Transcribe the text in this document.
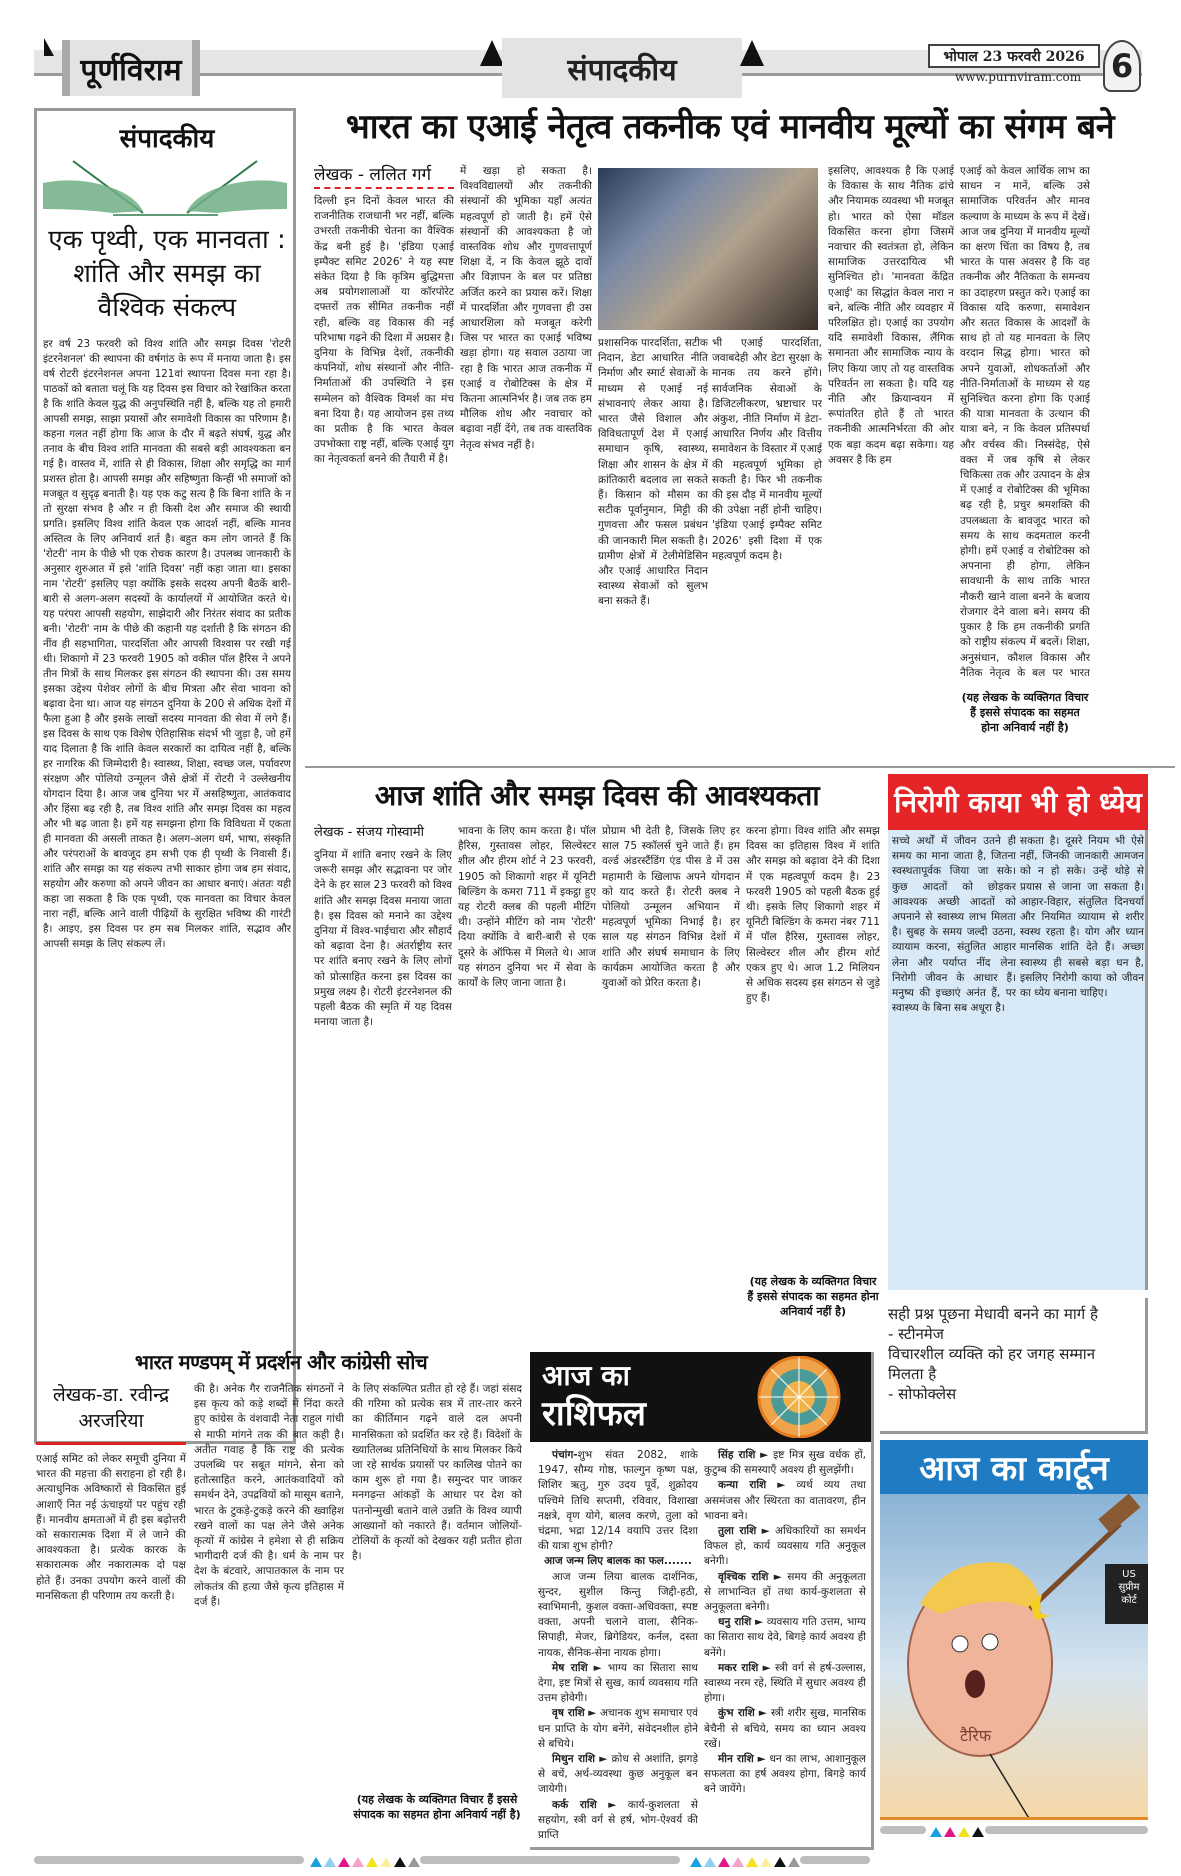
पूर्णविराम	संपादकीय	भोपाल 23 फरवरी 2026
www.purnviram.com 6
संपादकीय
एक पृथ्वी, एक मानवता : शांति और समझ का वैश्विक संकल्प
हर वर्ष 23 फरवरी को विश्व शांति और समझ दिवस 'रोटरी इंटरनेशनल' की स्थापना की वर्षगांठ के रूप में मनाया जाता है। इस वर्ष रोटरी इंटरनेशनल अपना 121वां स्थापना दिवस मना रहा है। पाठकों को बताता चलूं कि यह दिवस इस विचार को रेखांकित करता है कि शांति केवल युद्ध की अनुपस्थिति नहीं है, बल्कि यह तो हमारी आपसी समझ, साझा प्रयासों और समावेशी विकास का परिणाम है। कहना गलत नहीं होगा कि आज के दौर में बढ़ते संघर्ष, युद्ध और तनाव के बीच विश्व शांति मानवता की सबसे बड़ी आवश्यकता बन गई है। वास्तव में, शांति से ही विकास, शिक्षा और समृद्धि का मार्ग प्रशस्त होता है। आपसी समझ और सहिष्णुता किन्हीं भी समाजों को मजबूत व सुदृढ़ बनाती है। यह एक कटु सत्य है कि बिना शांति के न तो सुरक्षा संभव है और न ही किसी देश और समाज की स्थायी प्रगति। इसलिए विश्व शांति केवल एक आदर्श नहीं, बल्कि मानव अस्तित्व के लिए अनिवार्य शर्त है। बहुत कम लोग जानते हैं कि 'रोटरी' नाम के पीछे भी एक रोचक कारण है। उपलब्ध जानकारी के अनुसार शुरुआत में इसे 'शांति दिवस' नहीं कहा जाता था। इसका नाम 'रोटरी' इसलिए पड़ा क्योंकि इसके सदस्य अपनी बैठकें बारी-बारी से अलग-अलग सदस्यों के कार्यालयों में आयोजित करते थे। यह परंपरा आपसी सहयोग, साझेदारी और निरंतर संवाद का प्रतीक बनी। 'रोटरी' नाम के पीछे की कहानी यह दर्शाती है कि संगठन की नींव ही सहभागिता, पारदर्शिता और आपसी विश्वास पर रखी गई थी। शिकागो में 23 फरवरी 1905 को वकील पॉल हैरिस ने अपने तीन मित्रों के साथ मिलकर इस संगठन की स्थापना की। उस समय इसका उद्देश्य पेशेवर लोगों के बीच मित्रता और सेवा भावना को बढ़ावा देना था। आज यह संगठन दुनिया के 200 से अधिक देशों में फैला हुआ है और इसके लाखों सदस्य मानवता की सेवा में लगे हैं। इस दिवस के साथ एक विशेष ऐतिहासिक संदर्भ भी जुड़ा है, जो हमें याद दिलाता है कि शांति केवल सरकारों का दायित्व नहीं है, बल्कि हर नागरिक की जिम्मेदारी है। स्वास्थ्य, शिक्षा, स्वच्छ जल, पर्यावरण संरक्षण और पोलियो उन्मूलन जैसे क्षेत्रों में रोटरी ने उल्लेखनीय योगदान दिया है। आज जब दुनिया भर में असहिष्णुता, आतंकवाद और हिंसा बढ़ रही है, तब विश्व शांति और समझ दिवस का महत्व और भी बढ़ जाता है। हमें यह समझना होगा कि विविधता में एकता ही मानवता की असली ताकत है। अलग-अलग धर्म, भाषा, संस्कृति और परंपराओं के बावजूद हम सभी एक ही पृथ्वी के निवासी हैं। शांति और समझ का यह संकल्प तभी साकार होगा जब हम संवाद, सहयोग और करुणा को अपने जीवन का आधार बनाएं। अंततः यही कहा जा सकता है कि एक पृथ्वी, एक मानवता का विचार केवल नारा नहीं, बल्कि आने वाली पीढ़ियों के सुरक्षित भविष्य की गारंटी है। आइए, इस दिवस पर हम सब मिलकर शांति, सद्भाव और आपसी समझ के लिए संकल्प लें।
भारत का एआई नेतृत्व तकनीक एवं मानवीय मूल्यों का संगम बने
लेखक - ललित गर्ग
दिल्ली इन दिनों केवल भारत की राजनीतिक राजधानी भर नहीं, बल्कि उभरती तकनीकी चेतना का वैश्विक केंद्र बनी हुई है। 'इंडिया एआई इम्पैक्ट समिट 2026' ने यह स्पष्ट संकेत दिया है कि कृत्रिम बुद्धिमत्ता अब प्रयोगशालाओं या कॉरपोरेट दफ्तरों तक सीमित तकनीक नहीं रही, बल्कि वह विकास की नई परिभाषा गढ़ने की दिशा में अग्रसर है। दुनिया के विभिन्न देशों, तकनीकी कंपनियों, शोध संस्थानों और नीति-निर्माताओं की उपस्थिति ने इस सम्मेलन को वैश्विक विमर्श का मंच बना दिया है। यह आयोजन इस तथ्य का प्रतीक है कि भारत केवल उपभोक्ता राष्ट्र नहीं, बल्कि एआई युग का नेतृत्वकर्ता बनने की तैयारी में है।
में खड़ा हो सकता है। विश्वविद्यालयों और तकनीकी संस्थानों की भूमिका यहाँ अत्यंत महत्वपूर्ण हो जाती है। हमें ऐसे संस्थानों की आवश्यकता है जो वास्तविक शोध और गुणवत्तापूर्ण शिक्षा दें, न कि केवल झूठे दावों और विज्ञापन के बल पर प्रतिष्ठा अर्जित करने का प्रयास करें। शिक्षा में पारदर्शिता और गुणवत्ता ही उस आधारशिला को मजबूत करेगी जिस पर भारत का एआई भविष्य खड़ा होगा। यह सवाल उठाया जा रहा है कि भारत आज तकनीक में एआई व रोबोटिक्स के क्षेत्र में कितना आत्मनिर्भर है। जब तक हम मौलिक शोध और नवाचार को बढ़ावा नहीं देंगे, तब तक वास्तविक नेतृत्व संभव नहीं है।
प्रशासनिक पारदर्शिता, सटीक निदान, डेटा आधारित नीति निर्माण और स्मार्ट सेवाओं के माध्यम से एआई नई संभावनाएं लेकर आया है। भारत जैसे विशाल और विविधतापूर्ण देश में एआई समाधान कृषि, स्वास्थ्य, शिक्षा और शासन के क्षेत्र में क्रांतिकारी बदलाव ला सकते हैं। किसान को मौसम का सटीक पूर्वानुमान, मिट्टी की गुणवत्ता और फसल प्रबंधन की जानकारी मिल सकती है। ग्रामीण क्षेत्रों में टेलीमेडिसिन और एआई आधारित निदान स्वास्थ्य सेवाओं को सुलभ बना सकते हैं।
भी एआई पारदर्शिता, जवाबदेही और डेटा सुरक्षा के मानक तय करने होंगे। सार्वजनिक सेवाओं के डिजिटलीकरण, भ्रष्टाचार पर अंकुश, नीति निर्माण में डेटा-आधारित निर्णय और वित्तीय समावेशन के विस्तार में एआई की महत्वपूर्ण भूमिका हो सकती है। फिर भी तकनीक की इस दौड़ में मानवीय मूल्यों की उपेक्षा नहीं होनी चाहिए। 'इंडिया एआई इम्पैक्ट समिट 2026' इसी दिशा में एक महत्वपूर्ण कदम है।
इसलिए, आवश्यक है कि एआई के विकास के साथ नैतिक ढांचे और नियामक व्यवस्था भी मजबूत हो। भारत को ऐसा मॉडल विकसित करना होगा जिसमें नवाचार की स्वतंत्रता हो, लेकिन सामाजिक उत्तरदायित्व भी सुनिश्चित हो। 'मानवता केंद्रित एआई' का सिद्धांत केवल नारा न बने, बल्कि नीति और व्यवहार में परिलक्षित हो। एआई का उपयोग यदि समावेशी विकास, लैंगिक समानता और सामाजिक न्याय के लिए किया जाए तो यह वास्तविक परिवर्तन ला सकता है। यदि यह नीति और क्रियान्वयन में रूपांतरित होते हैं तो भारत तकनीकी आत्मनिर्भरता की ओर एक बड़ा कदम बढ़ा सकेगा। यह अवसर है कि हम
एआई को केवल आर्थिक लाभ का साधन न मानें, बल्कि उसे सामाजिक परिवर्तन और मानव कल्याण के माध्यम के रूप में देखें। आज जब दुनिया में मानवीय मूल्यों का क्षरण चिंता का विषय है, तब भारत के पास अवसर है कि वह तकनीक और नैतिकता के समन्वय का उदाहरण प्रस्तुत करे। एआई का विकास यदि करुणा, समावेशन और सतत विकास के आदर्शों के साथ हो तो यह मानवता के लिए वरदान सिद्ध होगा। भारत को अपने युवाओं, शोधकर्ताओं और नीति-निर्माताओं के माध्यम से यह सुनिश्चित करना होगा कि एआई की यात्रा मानवता के उत्थान की यात्रा बने, न कि केवल प्रतिस्पर्धा और वर्चस्व की। निस्संदेह, ऐसे वक्त में जब कृषि से लेकर चिकित्सा तक और उत्पादन के क्षेत्र में एआई व रोबोटिक्स की भूमिका बढ़ रही है, प्रचुर श्रमशक्ति की उपलब्धता के बावजूद भारत को समय के साथ कदमताल करनी होगी। हमें एआई व रोबोटिक्स को अपनाना ही होगा, लेकिन सावधानी के साथ ताकि भारत नौकरी खाने वाला बनने के बजाय रोजगार देने वाला बने। समय की पुकार है कि हम तकनीकी प्रगति को राष्ट्रीय संकल्प में बदलें। शिक्षा, अनुसंधान, कौशल विकास और नैतिक नेतृत्व के बल पर भारत
(यह लेखक के व्यक्तिगत विचार हैं इससे संपादक का सहमत होना अनिवार्य नहीं है)
आज शांति और समझ दिवस की आवश्यकता
लेखक - संजय गोस्वामी
दुनिया में शांति बनाए रखने के लिए जरूरी समझ और सद्भावना पर जोर देने के हर साल 23 फरवरी को विश्व शांति और समझ दिवस मनाया जाता है। इस दिवस को मनाने का उद्देश्य दुनिया में विश्व-भाईचारा और सौहार्द को बढ़ावा देना है। अंतर्राष्ट्रीय स्तर पर शांति बनाए रखने के लिए लोगों को प्रोत्साहित करना इस दिवस का प्रमुख लक्ष्य है। रोटरी इंटरनेशनल की पहली बैठक की स्मृति में यह दिवस मनाया जाता है।
भावना के लिए काम करता है। पॉल हैरिस, गुस्तावस लोहर, सिल्वेस्टर शील और हीरम शोर्ट ने 23 फरवरी, 1905 को शिकागो शहर में यूनिटी बिल्डिंग के कमरा 711 में इकट्ठा हुए यह रोटरी क्लब की पहली मीटिंग थी। उन्होंने मीटिंग को नाम 'रोटरी' दिया क्योंकि वे बारी-बारी से एक दूसरे के ऑफिस में मिलते थे। आज यह संगठन दुनिया भर में सेवा के कार्यों के लिए जाना जाता है।
प्रोग्राम भी देती है, जिसके लिए हर साल 75 स्कॉलर्स चुने जाते हैं। हम वर्ल्ड अंडरस्टैंडिंग एंड पीस डे में उस महामारी के खिलाफ अपने योगदान को याद करते हैं। रोटरी क्लब ने पोलियो उन्मूलन अभियान में महत्वपूर्ण भूमिका निभाई है। हर साल यह संगठन विभिन्न देशों में शांति और संघर्ष समाधान के लिए कार्यक्रम आयोजित करता है और युवाओं को प्रेरित करता है।
करना होगा। विश्व शांति और समझ दिवस का इतिहास विश्व में शांति और समझ को बढ़ावा देने की दिशा में एक महत्वपूर्ण कदम है। 23 फरवरी 1905 को पहली बैठक हुई थी। इसके लिए शिकागो शहर में यूनिटी बिल्डिंग के कमरा नंबर 711 में पॉल हैरिस, गुस्तावस लोहर, सिल्वेस्टर शील और हीरम शोर्ट एकत्र हुए थे। आज 1.2 मिलियन से अधिक सदस्य इस संगठन से जुड़े हुए हैं।
(यह लेखक के व्यक्तिगत विचार हैं इससे संपादक का सहमत होना अनिवार्य नहीं है)
निरोगी काया भी हो ध्येय
सच्चे अर्थों में जीवन उतने ही समय का माना जाता है, जितना स्वस्थतापूर्वक जिया जा सके। कुछ आदतों को छोड़कर आवश्यक अच्छी आदतों को अपनाने से स्वास्थ्य लाभ मिलता है। सुबह के समय जल्दी उठना, व्यायाम करना, संतुलित आहार लेना और पर्याप्त नींद लेना निरोगी जीवन के आधार हैं। मनुष्य की इच्छाएं अनंत हैं, पर स्वास्थ्य के बिना सब अधूरा है।
सकता है। दूसरे नियम भी ऐसे नहीं, जिनकी जानकारी आमजन को न हो सके। उन्हें थोड़े से प्रयास से जाना जा सकता है। आहार-विहार, संतुलित दिनचर्या और नियमित व्यायाम से शरीर स्वस्थ रहता है। योग और ध्यान मानसिक शांति देते हैं। अच्छा स्वास्थ्य ही सबसे बड़ा धन है, इसलिए निरोगी काया को जीवन का ध्येय बनाना चाहिए।
सही प्रश्न पूछना मेधावी बनने का मार्ग है
- स्टीनमेज
विचारशील व्यक्ति को हर जगह सम्मान मिलता है
- सोफोक्लेस
आज का कार्टून
US
सुप्रीम
कोर्ट
टैरिफ
भारत मण्डपम् में प्रदर्शन और कांग्रेसी सोच
लेखक-डा. रवीन्द्र अरजरिया
एआई समिट को लेकर समूची दुनिया में भारत की महत्ता की सराहना हो रही है। अत्याधुनिक अविष्कारों से विकसित हुई आशाएँ नित नई ऊंचाइयों पर पहुंच रही हैं। मानवीय क्षमताओं में ही इस बढ़ोत्तरी को सकारात्मक दिशा में ले जाने की आवश्यकता है। प्रत्येक कारक के सकारात्मक और नकारात्मक दो पक्ष होते हैं। उनका उपयोग करने वालों की मानसिकता ही परिणाम तय करती है।
की है। अनेक गैर राजनैतिक संगठनों ने इस कृत्य को कड़े शब्दों में निंदा करते हुए कांग्रेस के वंशवादी नेता राहुल गांधी से माफी मांगने तक की बात कही है। अतीत गवाह है कि राष्ट्र की प्रत्येक उपलब्धि पर सबूत मांगने, सेना को हतोत्साहित करने, आतंकवादियों को समर्थन देने, उपद्रवियों को मासूम बताने, भारत के टुकड़े-टुकड़े करने की ख्वाहिश रखने वालों का पक्ष लेने जैसे अनेक कृत्यों में कांग्रेस ने हमेशा से ही सक्रिय भागीदारी दर्ज की है। धर्म के नाम पर देश के बंटवारे, आपातकाल के नाम पर लोकतंत्र की हत्या जैसे कृत्य इतिहास में दर्ज हैं।
के लिए संकल्पित प्रतीत हो रहे हैं। जहां संसद की गरिमा को प्रत्येक सत्र में तार-तार करने का कीर्तिमान गढ़ने वाले दल अपनी मानसिकता को प्रदर्शित कर रहे हैं। विदेशों के ख्यातिलब्ध प्रतिनिधियों के साथ मिलकर किये जा रहे सार्थक प्रयासों पर कालिख पोतने का काम शुरू हो गया है। समुन्दर पार जाकर मनगढ़न्त आंकड़ों के आधार पर देश को पतनोन्मुखी बताने वाले उन्नति के विश्व व्यापी आख्यानों को नकारते हैं। वर्तमान जोलियों-टोलियों के कृत्यों को देखकर यही प्रतीत होता है।
(यह लेखक के व्यक्तिगत विचार हैं इससे संपादक का सहमत होना अनिवार्य नहीं है)
आज का
राशिफल

पंचांग-शुभ संवत 2082, शाके 1947, सौम्य गोष्ठ, फाल्गुन कृष्ण पक्ष, शिशिर ऋतु, गुरु उदय पूर्वे, शुक्रोदय पश्चिमे तिथि सप्तमी, रविवार, विशाखा नक्षत्रे, वृण योगे, बालव करणे, तुला को चंद्रमा, भद्रा 12/14 वयापि उत्तर दिशा की यात्रा शुभ होगी?

आज जन्म लिए बालक का फल.......

आज जन्म लिया बालक दार्शनिक, सुन्दर, सुशील किन्तु जिद्दी-हठी, स्वाभिमानी, कुशल वक्ता-अधिवक्ता, स्पष्ट वक्ता, अपनी चलाने वाला, सैनिक-सिपाही, मेजर, ब्रिगेडियर, कर्नल, दस्ता नायक, सैनिक-सेना नायक होगा।

मेष राशि ► भाग्य का सितारा साथ देगा, इष्ट मित्रों से सुख, कार्य व्यवसाय गति उत्तम होवेगी।

वृष राशि ► अचानक शुभ समाचार एवं धन प्राप्ति के योग बनेंगे, संवेदनशील होने से बचिये।

मिथुन राशि ► क्रोध से अशांति, झगड़े से बचें, अर्थ-व्यवस्था कुछ अनुकूल बन जायेगी।

कर्क राशि ► कार्य-कुशलता से सहयोग, स्त्री वर्ग से हर्ष, भोग-ऐश्वर्य की प्राप्ति

सिंह राशि ► इष्ट मित्र सुख वर्धक हों, कुटुम्ब की समस्याएँ अवश्य ही सुलझेंगी।

कन्या राशि ► व्यर्थ व्यय तथा असमंजस और स्थिरता का वातावरण, हीन भावना बने।

तुला राशि ► अधिकारियों का समर्थन विफल हो, कार्य व्यवसाय गति अनुकूल बनेगी।

वृश्चिक राशि ► समय की अनुकूलता से लाभान्वित हों तथा कार्य-कुशलता से अनुकूलता बनेगी।

धनु राशि ► व्यवसाय गति उत्तम, भाग्य का सितारा साथ देवे, बिगड़े कार्य अवश्य ही बनेंगे।

मकर राशि ► स्त्री वर्ग से हर्ष-उल्लास, स्वास्थ्य नरम रहे, स्थिति में सुधार अवश्य ही होगा।

कुंभ राशि ► स्त्री शरीर सुख, मानसिक बेचैनी से बचिये, समय का ध्यान अवश्य रखें।

मीन राशि ► धन का लाभ, आशानुकूल सफलता का हर्ष अवश्य होगा, बिगड़े कार्य बने जायेंगे।
